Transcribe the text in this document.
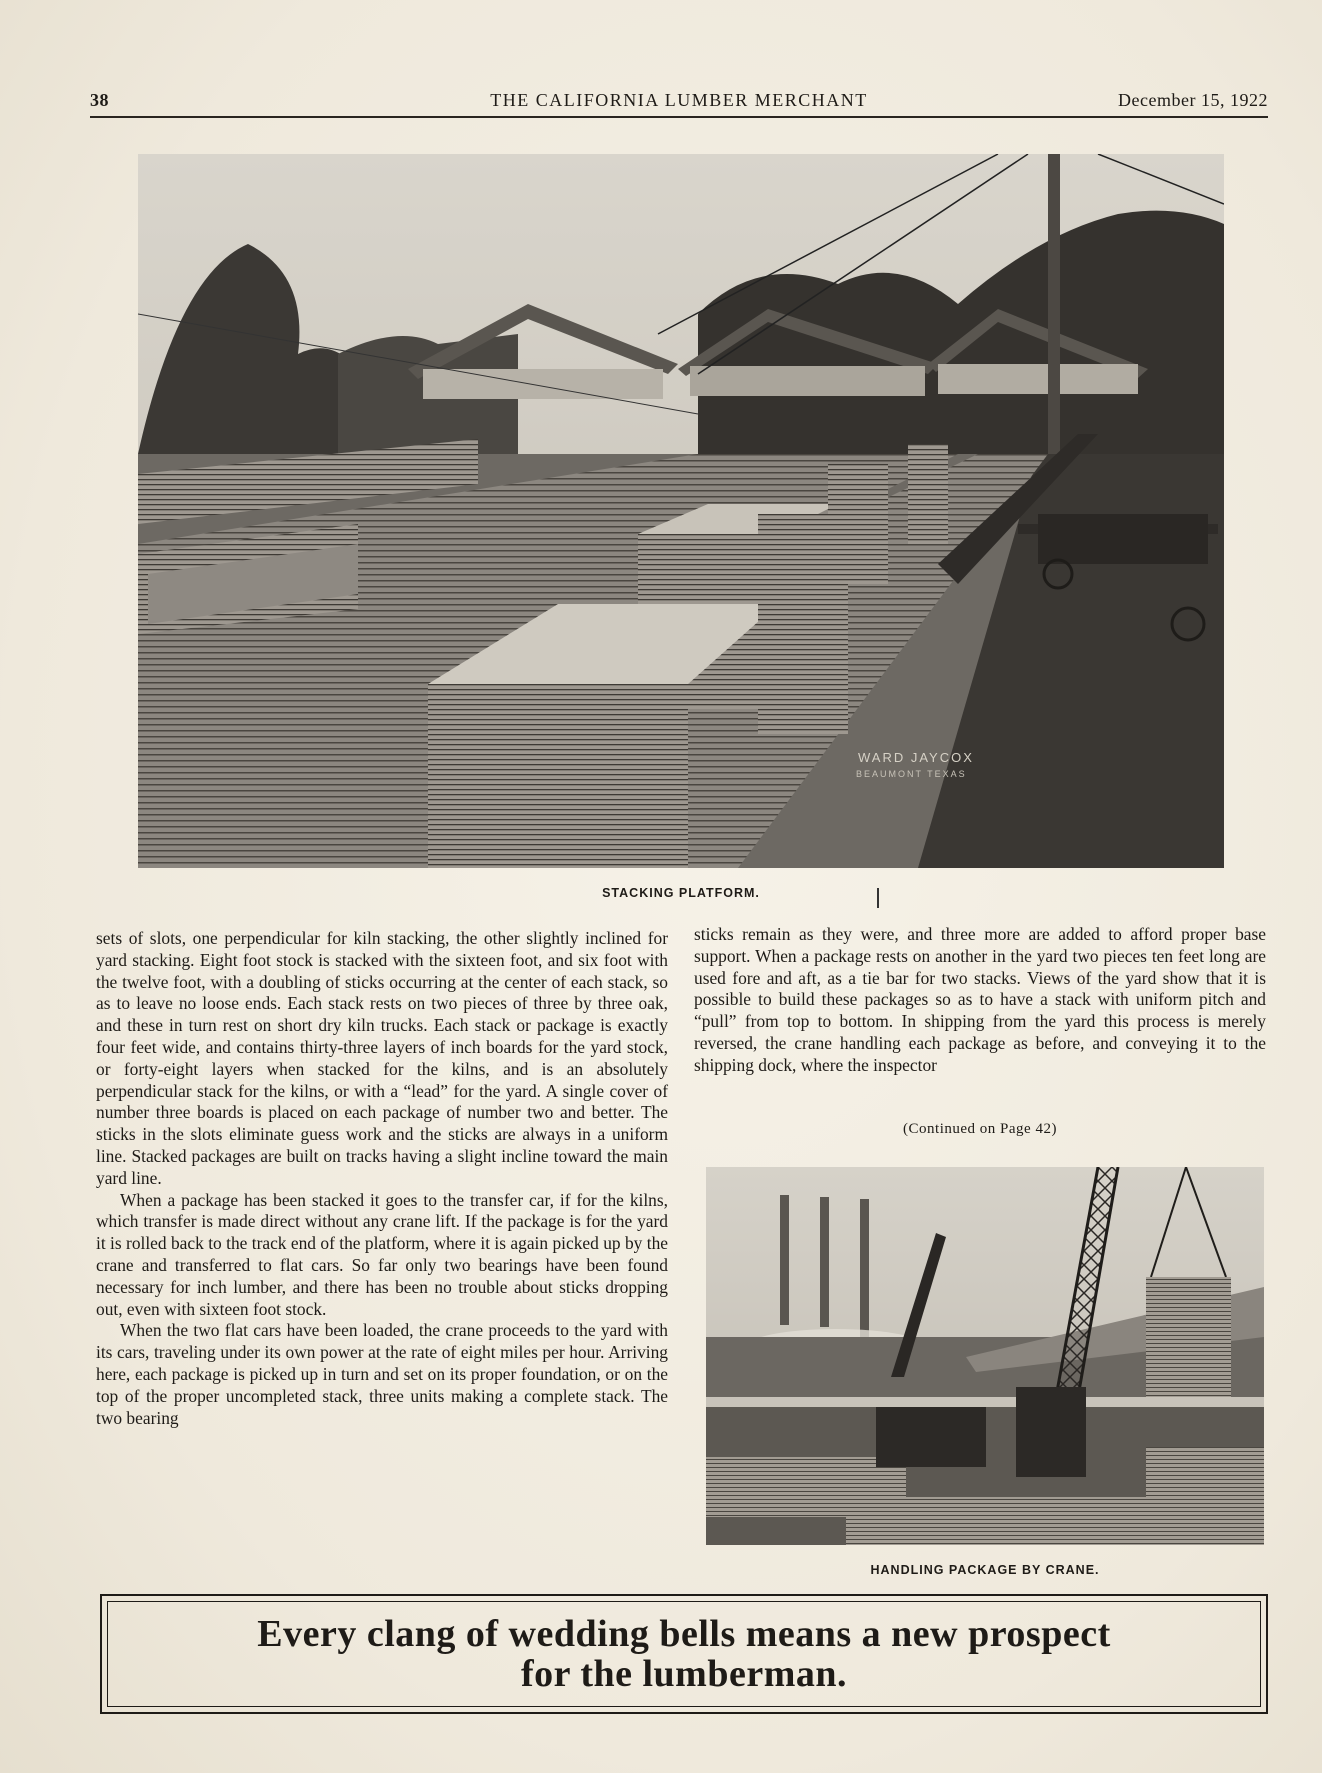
38	THE CALIFORNIA LUMBER MERCHANT	December 15, 1922
WARD JAYCOX
BEAUMONT TEXAS
STACKING PLATFORM.

sets of slots, one perpendicular for kiln stacking, the other slightly inclined for yard stacking. Eight foot stock is stacked with the sixteen foot, and six foot with the twelve foot, with a doubling of sticks occurring at the center of each stack, so as to leave no loose ends. Each stack rests on two pieces of three by three oak, and these in turn rest on short dry kiln trucks. Each stack or package is exactly four feet wide, and contains thirty-three layers of inch boards for the yard stock, or forty-eight layers when stacked for the kilns, and is an absolutely perpendicular stack for the kilns, or with a “lead” for the yard. A single cover of number three boards is placed on each package of number two and better. The sticks in the slots eliminate guess work and the sticks are always in a uniform line. Stacked packages are built on tracks having a slight incline toward the main yard line.

When a package has been stacked it goes to the transfer car, if for the kilns, which transfer is made direct without any crane lift. If the package is for the yard it is rolled back to the track end of the platform, where it is again picked up by the crane and transferred to flat cars. So far only two bearings have been found necessary for inch lumber, and there has been no trouble about sticks dropping out, even with sixteen foot stock.

When the two flat cars have been loaded, the crane proceeds to the yard with its cars, traveling under its own power at the rate of eight miles per hour. Arriving here, each package is picked up in turn and set on its proper foundation, or on the top of the proper uncompleted stack, three units making a complete stack. The two bearing

sticks remain as they were, and three more are added to afford proper base support. When a package rests on another in the yard two pieces ten feet long are used fore and aft, as a tie bar for two stacks. Views of the yard show that it is possible to build these packages so as to have a stack with uniform pitch and “pull” from top to bottom. In shipping from the yard this process is merely reversed, the crane handling each package as before, and conveying it to the shipping dock, where the inspector

(Continued on Page 42)
HANDLING PACKAGE BY CRANE.
Every clang of wedding bells means a new prospect
for the lumberman.
